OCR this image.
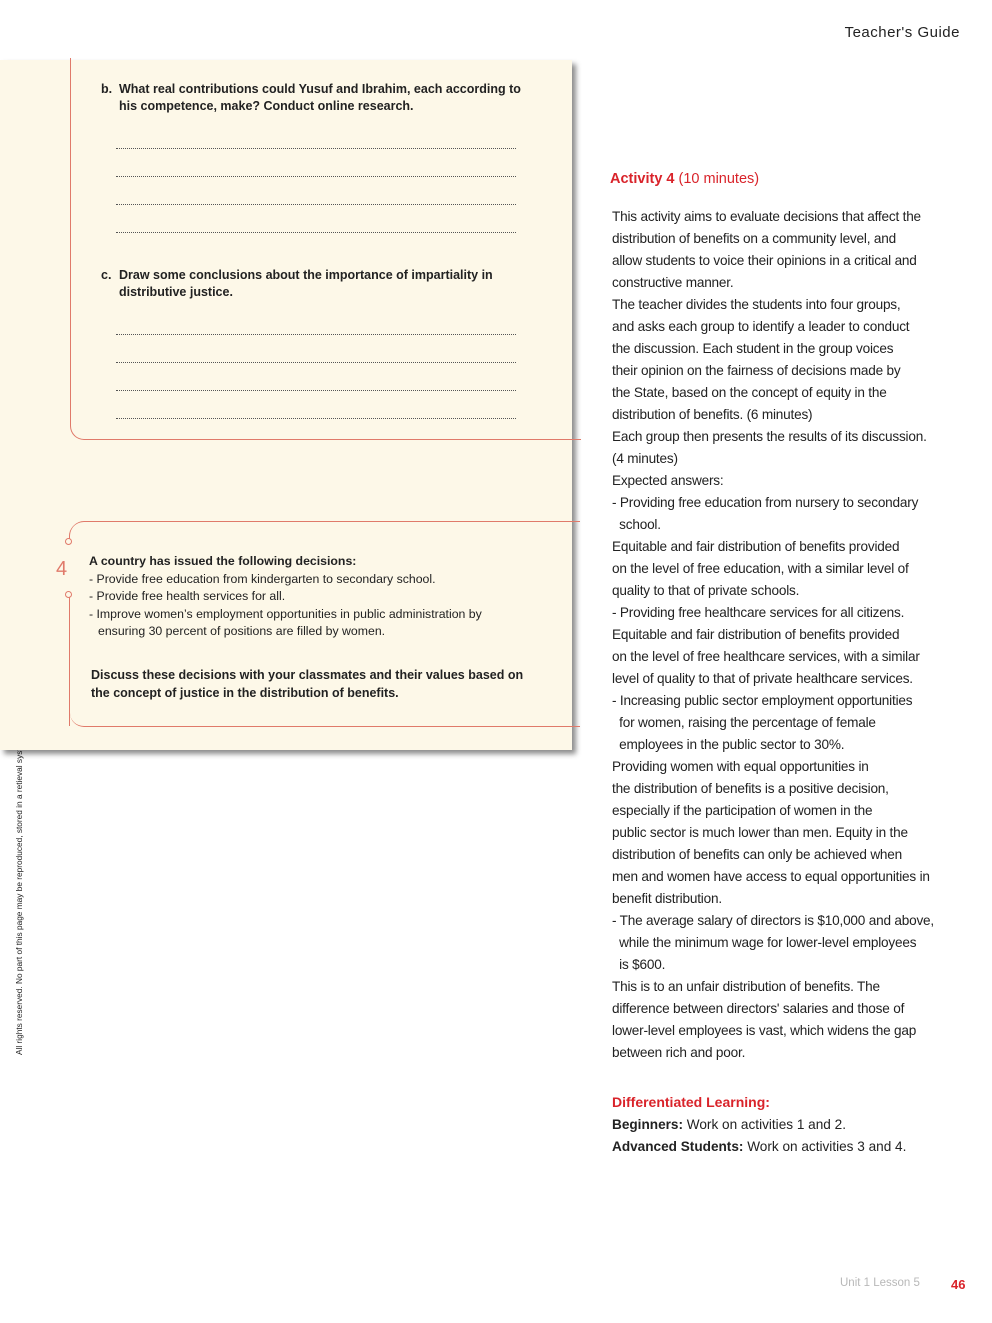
Teacher's Guide
b. What real contributions could Yusuf and Ibrahim, each according to his competence, make? Conduct online research.
c. Draw some conclusions about the importance of impartiality in distributive justice.
4 A country has issued the following decisions:
- Provide free education from kindergarten to secondary school.
- Provide free health services for all.
- Improve women’s employment opportunities in public administration by ensuring 30 percent of positions are filled by women.
Discuss these decisions with your classmates and their values based on the concept of justice in the distribution of benefits.
Activity 4 (10 minutes)
This activity aims to evaluate decisions that affect the
distribution of benefits on a community level, and
allow students to voice their opinions in a critical and
constructive manner.
The teacher divides the students into four groups,
and asks each group to identify a leader to conduct
the discussion. Each student in the group voices
their opinion on the fairness of decisions made by
the State, based on the concept of equity in the
distribution of benefits. (6 minutes)
Each group then presents the results of its discussion.
(4 minutes)
Expected answers:
- Providing free education from nursery to secondary
school.
Equitable and fair distribution of benefits provided
on the level of free education, with a similar level of
quality to that of private schools.
- Providing free healthcare services for all citizens.
Equitable and fair distribution of benefits provided
on the level of free healthcare services, with a similar
level of quality to that of private healthcare services.
- Increasing public sector employment opportunities
for women, raising the percentage of female
employees in the public sector to 30%.
Providing women with equal opportunities in
the distribution of benefits is a positive decision,
especially if the participation of women in the
public sector is much lower than men. Equity in the
distribution of benefits can only be achieved when
men and women have access to equal opportunities in
benefit distribution.
- The average salary of directors is $10,000 and above,
while the minimum wage for lower-level employees
is $600.
This is to an unfair distribution of benefits. The
difference between directors' salaries and those of
lower-level employees is vast, which widens the gap
between rich and poor.
Differentiated Learning:
Beginners: Work on activities 1 and 2.
Advanced Students: Work on activities 3 and 4.
Unit 1 Lesson 5 46
